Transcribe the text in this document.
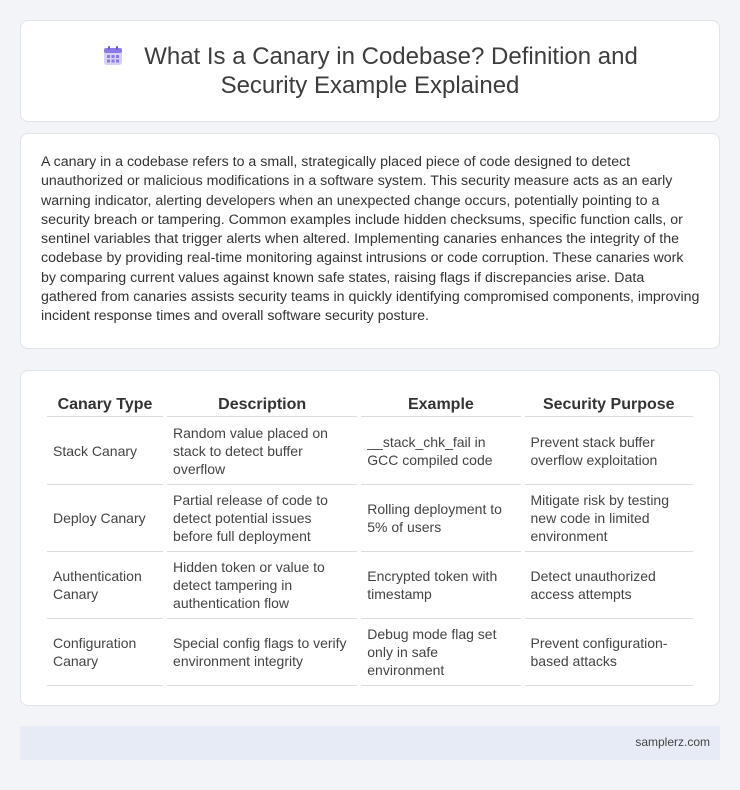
What Is a Canary in Codebase? Definition and Security Example Explained

A canary in a codebase refers to a small, strategically placed piece of code designed to detect unauthorized or malicious modifications in a software system. This security measure acts as an early warning indicator, alerting developers when an unexpected change occurs, potentially pointing to a security breach or tampering. Common examples include hidden checksums, specific function calls, or sentinel variables that trigger alerts when altered. Implementing canaries enhances the integrity of the codebase by providing real-time monitoring against intrusions or code corruption. These canaries work by comparing current values against known safe states, raising flags if discrepancies arise. Data gathered from canaries assists security teams in quickly identifying compromised components, improving incident response times and overall software security posture.

Canary Type	Description	Example	Security Purpose
Stack Canary	Random value placed on stack to detect buffer overflow	__stack_chk_fail in GCC compiled code	Prevent stack buffer overflow exploitation
Deploy Canary	Partial release of code to detect potential issues before full deployment	Rolling deployment to 5% of users	Mitigate risk by testing new code in limited environment
Authentication Canary	Hidden token or value to detect tampering in authentication flow	Encrypted token with timestamp	Detect unauthorized access attempts
Configuration Canary	Special config flags to verify environment integrity	Debug mode flag set only in safe environment	Prevent configuration-based attacks
samplerz.com
